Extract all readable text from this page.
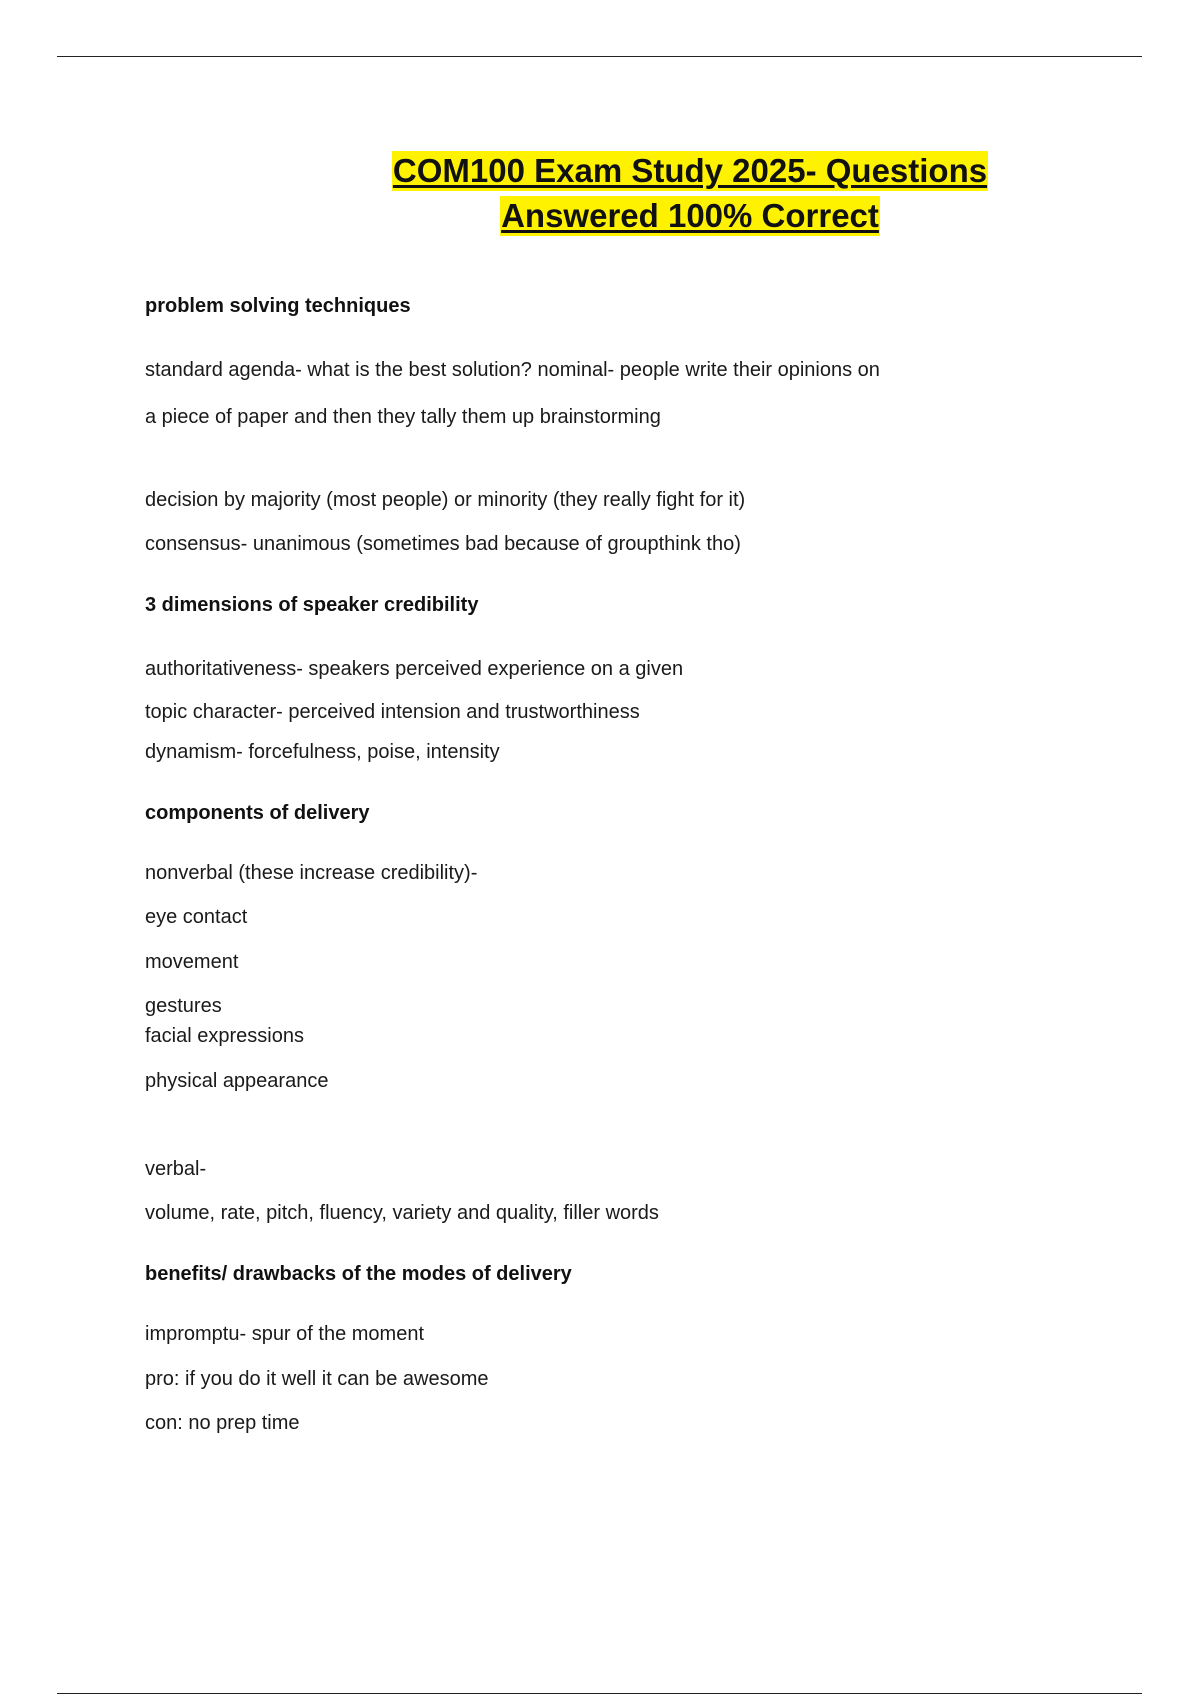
COM100 Exam Study 2025- Questions
Answered 100% Correct
problem solving techniques
standard agenda- what is the best solution? nominal- people write their opinions on
a piece of paper and then they tally them up brainstorming
decision by majority (most people) or minority (they really fight for it)
consensus- unanimous (sometimes bad because of groupthink tho)
3 dimensions of speaker credibility
authoritativeness- speakers perceived experience on a given
topic character- perceived intension and trustworthiness
dynamism- forcefulness, poise, intensity
components of delivery
nonverbal (these increase credibility)-
eye contact
movement
gestures
facial expressions
physical appearance
verbal-
volume, rate, pitch, fluency, variety and quality, filler words
benefits/ drawbacks of the modes of delivery
impromptu- spur of the moment
pro: if you do it well it can be awesome
con: no prep time
